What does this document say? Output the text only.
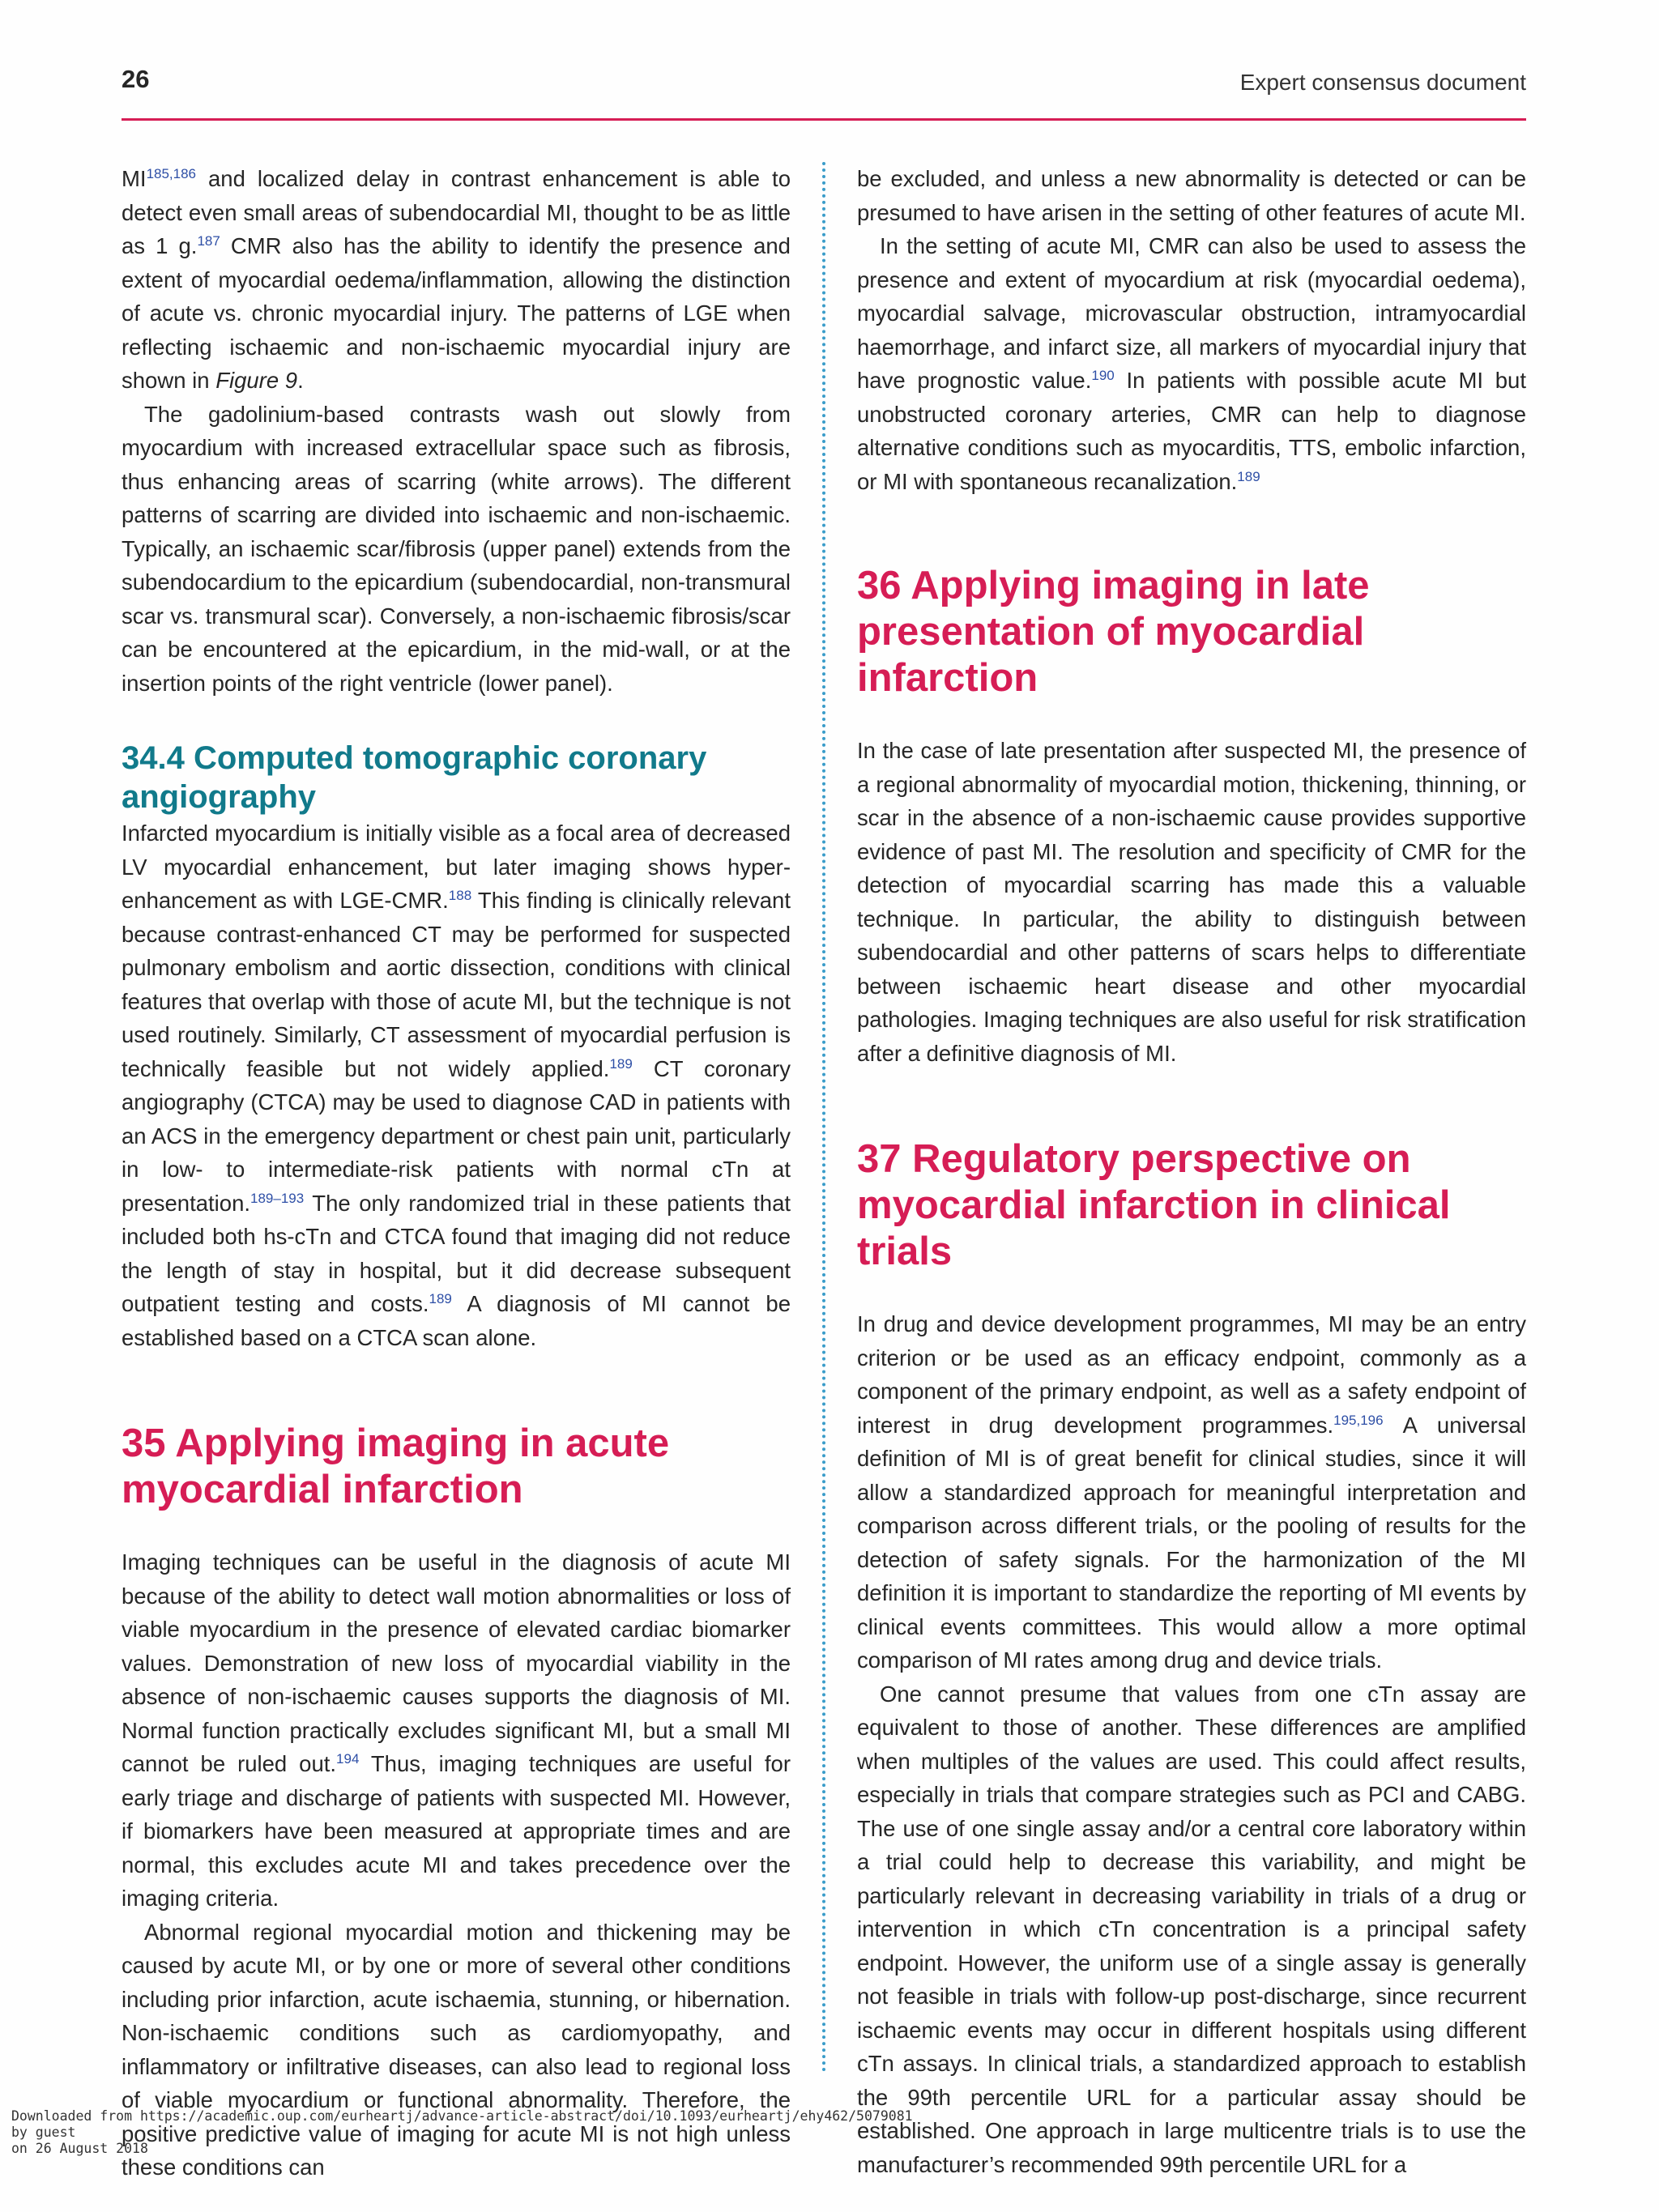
26	Expert consensus document

MI$^{185,186}$ and localized delay in contrast enhancement is able to detect even small areas of subendocardial MI, thought to be as little as 1 g.$^{187}$ CMR also has the ability to identify the presence and extent of myocardial oedema/inflammation, allowing the distinction of acute vs. chronic myocardial injury. The patterns of LGE when reflecting ischaemic and non-ischaemic myocardial injury are shown in Figure 9.

The gadolinium-based contrasts wash out slowly from myocardium with increased extracellular space such as fibrosis, thus enhancing areas of scarring (white arrows). The different patterns of scarring are divided into ischaemic and non-ischaemic. Typically, an ischaemic scar/fibrosis (upper panel) extends from the subendocardium to the epicardium (subendocardial, non-transmural scar vs. transmural scar). Conversely, a non-ischaemic fibrosis/scar can be encountered at the epicardium, in the mid-wall, or at the insertion points of the right ventricle (lower panel).

34.4 Computed tomographic coronary angiography

Infarcted myocardium is initially visible as a focal area of decreased LV myocardial enhancement, but later imaging shows hyper-enhancement as with LGE-CMR.$^{188}$ This finding is clinically relevant because contrast-enhanced CT may be performed for suspected pulmonary embolism and aortic dissection, conditions with clinical features that overlap with those of acute MI, but the technique is not used routinely. Similarly, CT assessment of myocardial perfusion is technically feasible but not widely applied.$^{189}$ CT coronary angiography (CTCA) may be used to diagnose CAD in patients with an ACS in the emergency department or chest pain unit, particularly in low- to intermediate-risk patients with normal cTn at presentation.$^{189-193}$ The only randomized trial in these patients that included both hs-cTn and CTCA found that imaging did not reduce the length of stay in hospital, but it did decrease subsequent outpatient testing and costs.$^{189}$ A diagnosis of MI cannot be established based on a CTCA scan alone.

35 Applying imaging in acute myocardial infarction

Imaging techniques can be useful in the diagnosis of acute MI because of the ability to detect wall motion abnormalities or loss of viable myocardium in the presence of elevated cardiac biomarker values. Demonstration of new loss of myocardial viability in the absence of non-ischaemic causes supports the diagnosis of MI. Normal function practically excludes significant MI, but a small MI cannot be ruled out.$^{194}$ Thus, imaging techniques are useful for early triage and discharge of patients with suspected MI. However, if biomarkers have been measured at appropriate times and are normal, this excludes acute MI and takes precedence over the imaging criteria.

Abnormal regional myocardial motion and thickening may be caused by acute MI, or by one or more of several other conditions including prior infarction, acute ischaemia, stunning, or hibernation. Non-ischaemic conditions such as cardiomyopathy, and inflammatory or infiltrative diseases, can also lead to regional loss of viable myocardium or functional abnormality. Therefore, the positive predictive value of imaging for acute MI is not high unless these conditions can

be excluded, and unless a new abnormality is detected or can be presumed to have arisen in the setting of other features of acute MI.

In the setting of acute MI, CMR can also be used to assess the presence and extent of myocardium at risk (myocardial oedema), myocardial salvage, microvascular obstruction, intramyocardial haemorrhage, and infarct size, all markers of myocardial injury that have prognostic value.$^{190}$ In patients with possible acute MI but unobstructed coronary arteries, CMR can help to diagnose alternative conditions such as myocarditis, TTS, embolic infarction, or MI with spontaneous recanalization.$^{189}$

36 Applying imaging in late presentation of myocardial infarction

In the case of late presentation after suspected MI, the presence of a regional abnormality of myocardial motion, thickening, thinning, or scar in the absence of a non-ischaemic cause provides supportive evidence of past MI. The resolution and specificity of CMR for the detection of myocardial scarring has made this a valuable technique. In particular, the ability to distinguish between subendocardial and other patterns of scars helps to differentiate between ischaemic heart disease and other myocardial pathologies. Imaging techniques are also useful for risk stratification after a definitive diagnosis of MI.

37 Regulatory perspective on myocardial infarction in clinical trials

In drug and device development programmes, MI may be an entry criterion or be used as an efficacy endpoint, commonly as a component of the primary endpoint, as well as a safety endpoint of interest in drug development programmes.$^{195,196}$ A universal definition of MI is of great benefit for clinical studies, since it will allow a standardized approach for meaningful interpretation and comparison across different trials, or the pooling of results for the detection of safety signals. For the harmonization of the MI definition it is important to standardize the reporting of MI events by clinical events committees. This would allow a more optimal comparison of MI rates among drug and device trials.

One cannot presume that values from one cTn assay are equivalent to those of another. These differences are amplified when multiples of the values are used. This could affect results, especially in trials that compare strategies such as PCI and CABG. The use of one single assay and/or a central core laboratory within a trial could help to decrease this variability, and might be particularly relevant in decreasing variability in trials of a drug or intervention in which cTn concentration is a principal safety endpoint. However, the uniform use of a single assay is generally not feasible in trials with follow-up post-discharge, since recurrent ischaemic events may occur in different hospitals using different cTn assays. In clinical trials, a standardized approach to establish the 99th percentile URL for a particular assay should be established. One approach in large multicentre trials is to use the manufacturer’s recommended 99th percentile URL for a

Downloaded from https://academic.oup.com/eurheartj/advance-article-abstract/doi/10.1093/eurheartj/ehy462/5079081
by guest
on 26 August 2018
